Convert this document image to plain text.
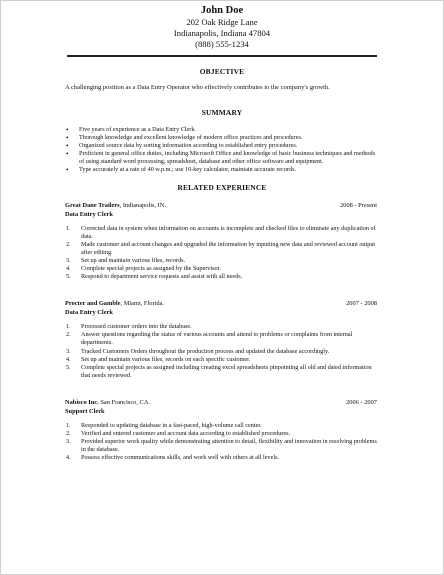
John Doe
202 Oak Ridge Lane
Indianapolis, Indiana 47804
(888) 555-1234
OBJECTIVE
A challenging position as a Data Entry Operator who effectively contributes to the company's growth.
SUMMARY
• Five years of experience as a Data Entry Clerk.
• Thorough knowledge and excellent knowledge of modern office practices and procedures.
• Organized source data by sorting information according to established entry procedures.
• Proficient in general office duties, including Microsoft Office and knowledge of basic business techniques and methods of using standard word processing, spreadsheet, database and other office software and equipment.
• Type accurately at a rate of 40 w.p.m.; use 10-key calculator, maintain accurate records.
RELATED EXPERIENCE
Great Dane Trailers, Indianapolis, IN.	2008 - Present
Data Entry Clerk
1. Corrected data in system when information on accounts is incomplete and checked files to eliminate any duplication of data.
2. Made customer and account changes and upgraded the information by inputting new data and reviewed account output after editing.
3. Set up and maintain various files, records.
4. Complete special projects as assigned by the Supervisor.
5. Respond to department service requests and assist with all needs.
Procter and Gamble, Miami, Florida.	2007 - 2008
Data Entry Clerk
1. Processed customer orders into the database.
2. Answer questions regarding the status of various accounts and attend to problems or complaints from internal departments.
3. Tracked Customers Orders throughout the production process and updated the database accordingly.
4. Set up and maintain various files, records on each specific customer.
5. Complete special projects as assigned including creating excel spreadsheets pinpointing all old and dated information that needs reviewed.
Nabisco Inc. San Francisco, CA.	2006 - 2007
Support Clerk
1. Responded to updating database in a fast-paced, high-volume call center.
2. Verified and entered customer and account data according to established procedures.
3. Provided superior work quality while demonstrating attention to detail, flexibility and innovation in resolving problems in the database.
4. Possess effective communications skills, and work well with others at all levels.
